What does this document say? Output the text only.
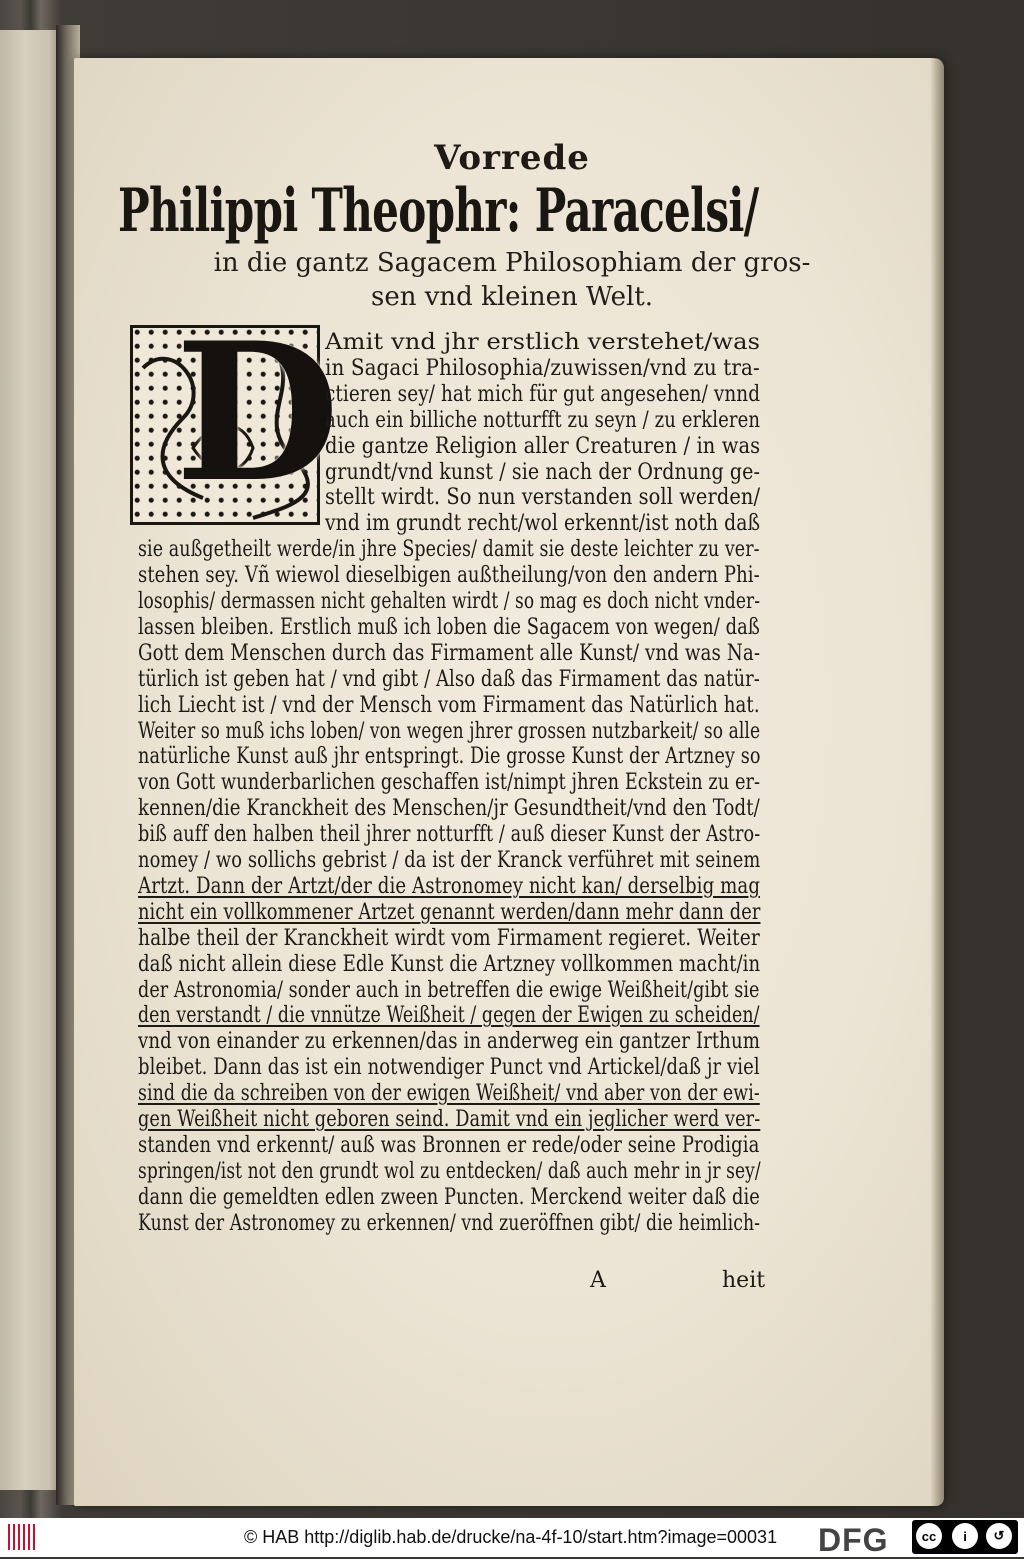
Vorrede
Philippi Theophr: Paracelsi/
in die gantz Sagacem Philosophiam der gros-
sen vnd kleinen Welt.
D
Amit vnd jhr erstlich verstehet/was
in Sagaci Philosophia/zuwissen/vnd zu tra-
ctieren sey/ hat mich für gut angesehen/ vnnd
auch ein billiche notturfft zu seyn / zu erkleren
die gantze Religion aller Creaturen / in was
grundt/vnd kunst / sie nach der Ordnung ge-
stellt wirdt. So nun verstanden soll werden/
vnd im grundt recht/wol erkennt/ist noth daß
sie außgetheilt werde/in jhre Species/ damit sie deste leichter zu ver-
stehen sey. Vñ wiewol dieselbigen außtheilung/von den andern Phi-
losophis/ dermassen nicht gehalten wirdt / so mag es doch nicht vnder-
lassen bleiben. Erstlich muß ich loben die Sagacem von wegen/ daß
Gott dem Menschen durch das Firmament alle Kunst/ vnd was Na-
türlich ist geben hat / vnd gibt / Also daß das Firmament das natür-
lich Liecht ist / vnd der Mensch vom Firmament das Natürlich hat.
Weiter so muß ichs loben/ von wegen jhrer grossen nutzbarkeit/ so alle
natürliche Kunst auß jhr entspringt. Die grosse Kunst der Artzney so
von Gott wunderbarlichen geschaffen ist/nimpt jhren Eckstein zu er-
kennen/die Kranckheit des Menschen/jr Gesundtheit/vnd den Todt/
biß auff den halben theil jhrer notturfft / auß dieser Kunst der Astro-
nomey / wo sollichs gebrist / da ist der Kranck verführet mit seinem
Artzt. Dann der Artzt/der die Astronomey nicht kan/ derselbig mag
nicht ein vollkommener Artzet genannt werden/dann mehr dann der
halbe theil der Kranckheit wirdt vom Firmament regieret. Weiter
daß nicht allein diese Edle Kunst die Artzney vollkommen macht/in
der Astronomia/ sonder auch in betreffen die ewige Weißheit/gibt sie
den verstandt / die vnnütze Weißheit / gegen der Ewigen zu scheiden/
vnd von einander zu erkennen/das in anderweg ein gantzer Irthum
bleibet. Dann das ist ein notwendiger Punct vnd Artickel/daß jr viel
sind die da schreiben von der ewigen Weißheit/ vnd aber von der ewi-
gen Weißheit nicht geboren seind. Damit vnd ein jeglicher werd ver-
standen vnd erkennt/ auß was Bronnen er rede/oder seine Prodigia
springen/ist not den grundt wol zu entdecken/ daß auch mehr in jr sey/
dann die gemeldten edlen zween Puncten. Merckend weiter daß die
Kunst der Astronomey zu erkennen/ vnd zueröffnen gibt/ die heimlich-
A	heit
© HAB http://diglib.hab.de/drucke/na-4f-10/start.htm?image=00031 DFG	cc	i	↺
